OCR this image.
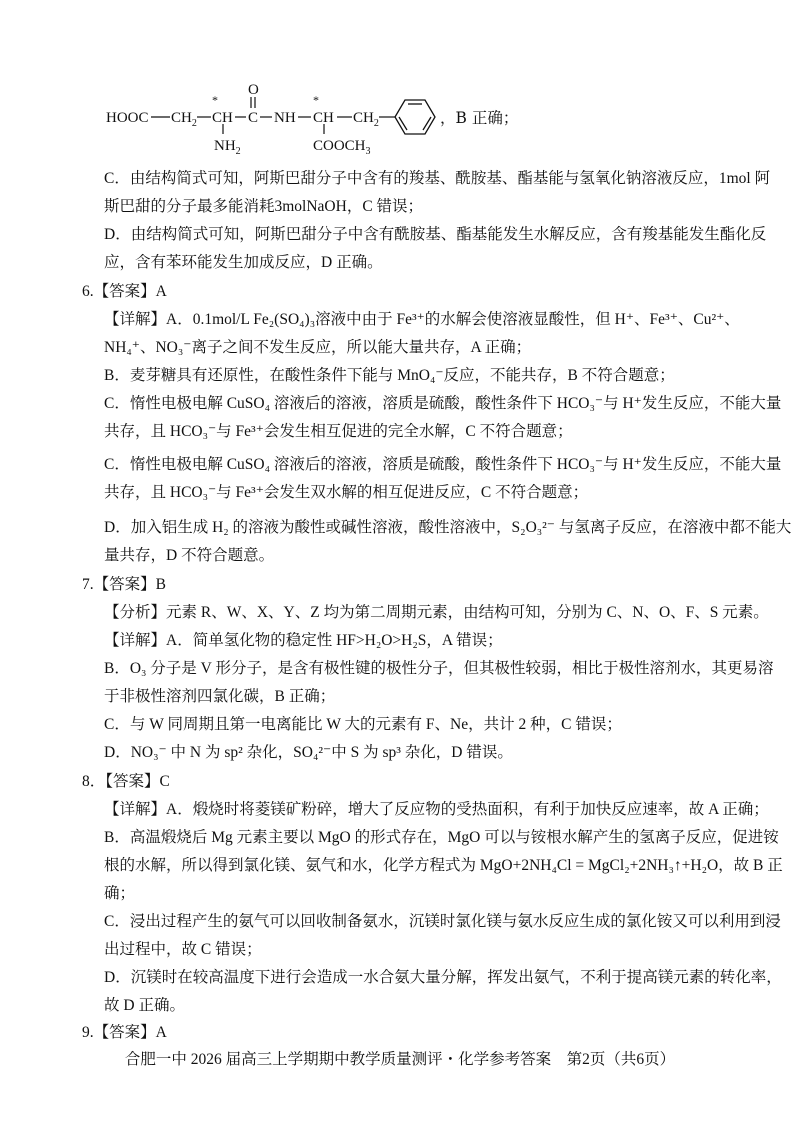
HOOC $CH_2$
*
CH
$NH_2$
O
C NH
*
CH
$COOCH_3$
$CH_2$	，B 正确；
C．由结构简式可知，阿斯巴甜分子中含有的羧基、酰胺基、酯基能与氢氧化钠溶液反应，1mol 阿
斯巴甜的分子最多能消耗3molNaOH，C 错误；
D．由结构简式可知，阿斯巴甜分子中含有酰胺基、酯基能发生水解反应，含有羧基能发生酯化反
应，含有苯环能发生加成反应，D 正确。
6.【答案】A
【详解】A．0.1mol/L Fe₂(SO₄)₃溶液中由于 Fe³⁺的水解会使溶液显酸性，但 H⁺、Fe³⁺、Cu²⁺、
NH₄⁺、NO₃⁻离子之间不发生反应，所以能大量共存，A 正确；
B．麦芽糖具有还原性，在酸性条件下能与 MnO₄⁻反应，不能共存，B 不符合题意；
C．惰性电极电解 CuSO₄ 溶液后的溶液，溶质是硫酸，酸性条件下 HCO₃⁻与 H⁺发生反应，不能大量
共存，且 HCO₃⁻与 Fe³⁺会发生相互促进的完全水解，C 不符合题意；
C．惰性电极电解 CuSO₄ 溶液后的溶液，溶质是硫酸，酸性条件下 HCO₃⁻与 H⁺发生反应，不能大量
共存，且 HCO₃⁻与 Fe³⁺会发生双水解的相互促进反应，C 不符合题意；
D．加入铝生成 H₂ 的溶液为酸性或碱性溶液，酸性溶液中，S₂O₃²⁻ 与氢离子反应，在溶液中都不能大
量共存，D 不符合题意。
7.【答案】B
【分析】元素 R、W、X、Y、Z 均为第二周期元素，由结构可知，分别为 C、N、O、F、S 元素。
【详解】A．简单氢化物的稳定性 HF>H₂O>H₂S，A 错误；
B．O₃ 分子是 V 形分子，是含有极性键的极性分子，但其极性较弱，相比于极性溶剂水，其更易溶
于非极性溶剂四氯化碳，B 正确；
C．与 W 同周期且第一电离能比 W 大的元素有 F、Ne，共计 2 种，C 错误；
D．NO₃⁻ 中 N 为 sp² 杂化，SO₄²⁻中 S 为 sp³ 杂化，D 错误。
8．【答案】C
【详解】A．煅烧时将菱镁矿粉碎，增大了反应物的受热面积，有利于加快反应速率，故 A 正确；
B．高温煅烧后 Mg 元素主要以 MgO 的形式存在，MgO 可以与铵根水解产生的氢离子反应，促进铵
根的水解，所以得到氯化镁、氨气和水，化学方程式为 MgO+2NH₄Cl = MgCl₂+2NH₃↑+H₂O，故 B 正
确；
C．浸出过程产生的氨气可以回收制备氨水，沉镁时氯化镁与氨水反应生成的氯化铵又可以利用到浸
出过程中，故 C 错误；
D．沉镁时在较高温度下进行会造成一水合氨大量分解，挥发出氨气，不利于提高镁元素的转化率，
故 D 正确。
9.【答案】A
合肥一中 2026 届高三上学期期中教学质量测评・化学参考答案　第2页（共6页）
